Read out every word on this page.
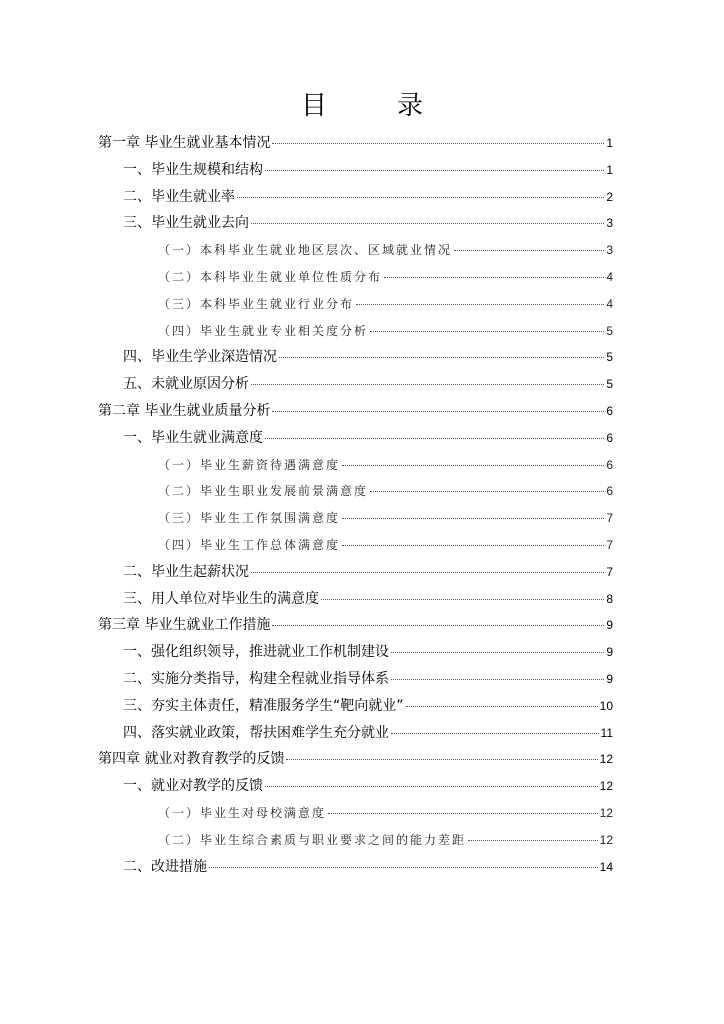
目　录
第一章 毕业生就业基本情况	1
一、毕业生规模和结构	1
二、毕业生就业率	2
三、毕业生就业去向	3
（一）本科毕业生就业地区层次、区域就业情况	3
（二）本科毕业生就业单位性质分布	4
（三）本科毕业生就业行业分布	4
（四）毕业生就业专业相关度分析	5
四、毕业生学业深造情况	5
五、未就业原因分析	5
第二章 毕业生就业质量分析	6
一、毕业生就业满意度	6
（一）毕业生薪资待遇满意度	6
（二）毕业生职业发展前景满意度	6
（三）毕业生工作氛围满意度	7
（四）毕业生工作总体满意度	7
二、毕业生起薪状况	7
三、用人单位对毕业生的满意度	8
第三章 毕业生就业工作措施	9
一、强化组织领导，推进就业工作机制建设	9
二、实施分类指导，构建全程就业指导体系	9
三、夯实主体责任，精准服务学生“靶向就业”	10
四、落实就业政策，帮扶困难学生充分就业	11
第四章 就业对教育教学的反馈	12
一、就业对教学的反馈	12
（一）毕业生对母校满意度	12
（二）毕业生综合素质与职业要求之间的能力差距	12
二、改进措施	14
